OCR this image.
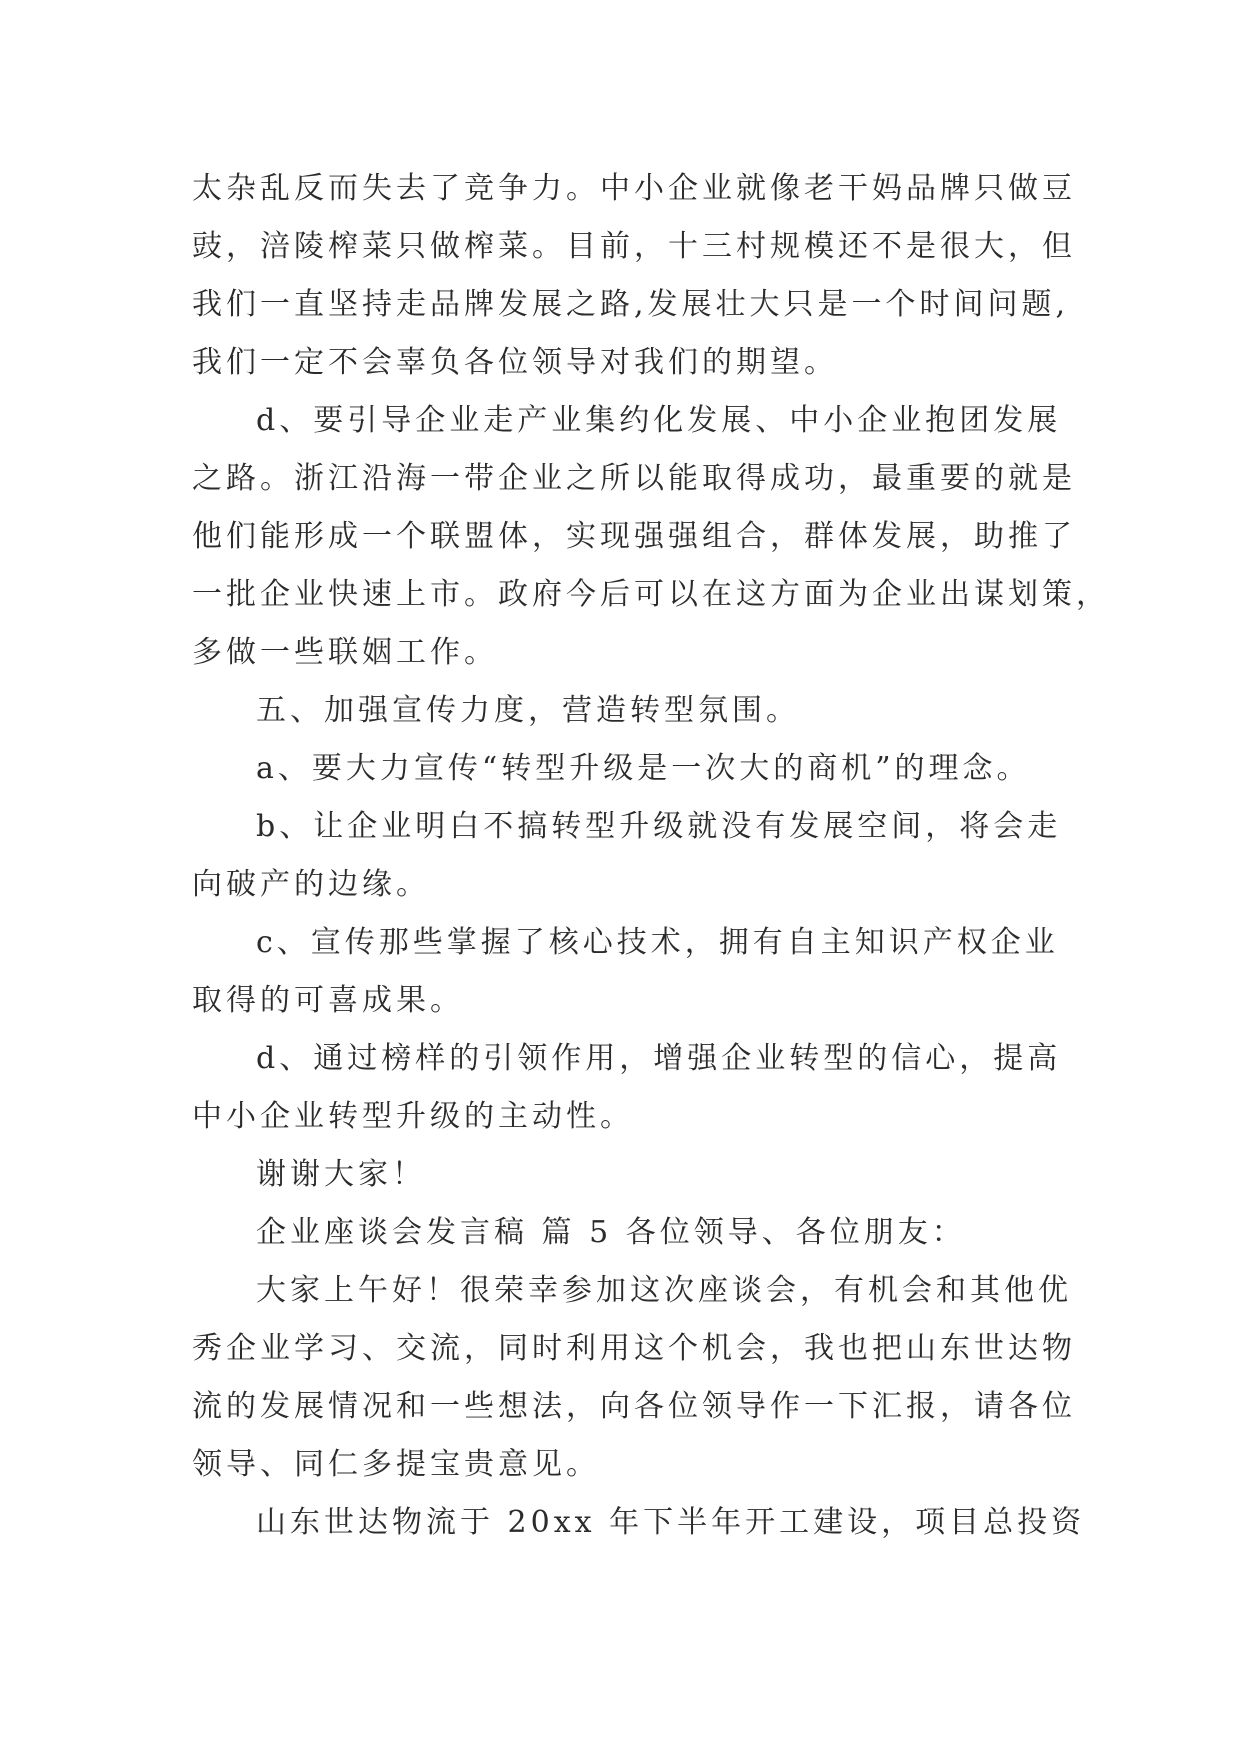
太杂乱反而失去了竞争力。中小企业就像老干妈品牌只做豆
豉，涪陵榨菜只做榨菜。目前，十三村规模还不是很大，但
我们一直坚持走品牌发展之路,发展壮大只是一个时间问题,
我们一定不会辜负各位领导对我们的期望。
d、要引导企业走产业集约化发展、中小企业抱团发展
之路。浙江沿海一带企业之所以能取得成功，最重要的就是
他们能形成一个联盟体，实现强强组合，群体发展，助推了
一批企业快速上市。政府今后可以在这方面为企业出谋划策，
多做一些联姻工作。
五、加强宣传力度，营造转型氛围。
a、要大力宣传“转型升级是一次大的商机”的理念。
b、让企业明白不搞转型升级就没有发展空间，将会走
向破产的边缘。
c、宣传那些掌握了核心技术，拥有自主知识产权企业
取得的可喜成果。
d、通过榜样的引领作用，增强企业转型的信心，提高
中小企业转型升级的主动性。
谢谢大家！
企业座谈会发言稿 篇 5 各位领导、各位朋友：
大家上午好！很荣幸参加这次座谈会，有机会和其他优
秀企业学习、交流，同时利用这个机会，我也把山东世达物
流的发展情况和一些想法，向各位领导作一下汇报，请各位
领导、同仁多提宝贵意见。
山东世达物流于 20xx 年下半年开工建设，项目总投资
